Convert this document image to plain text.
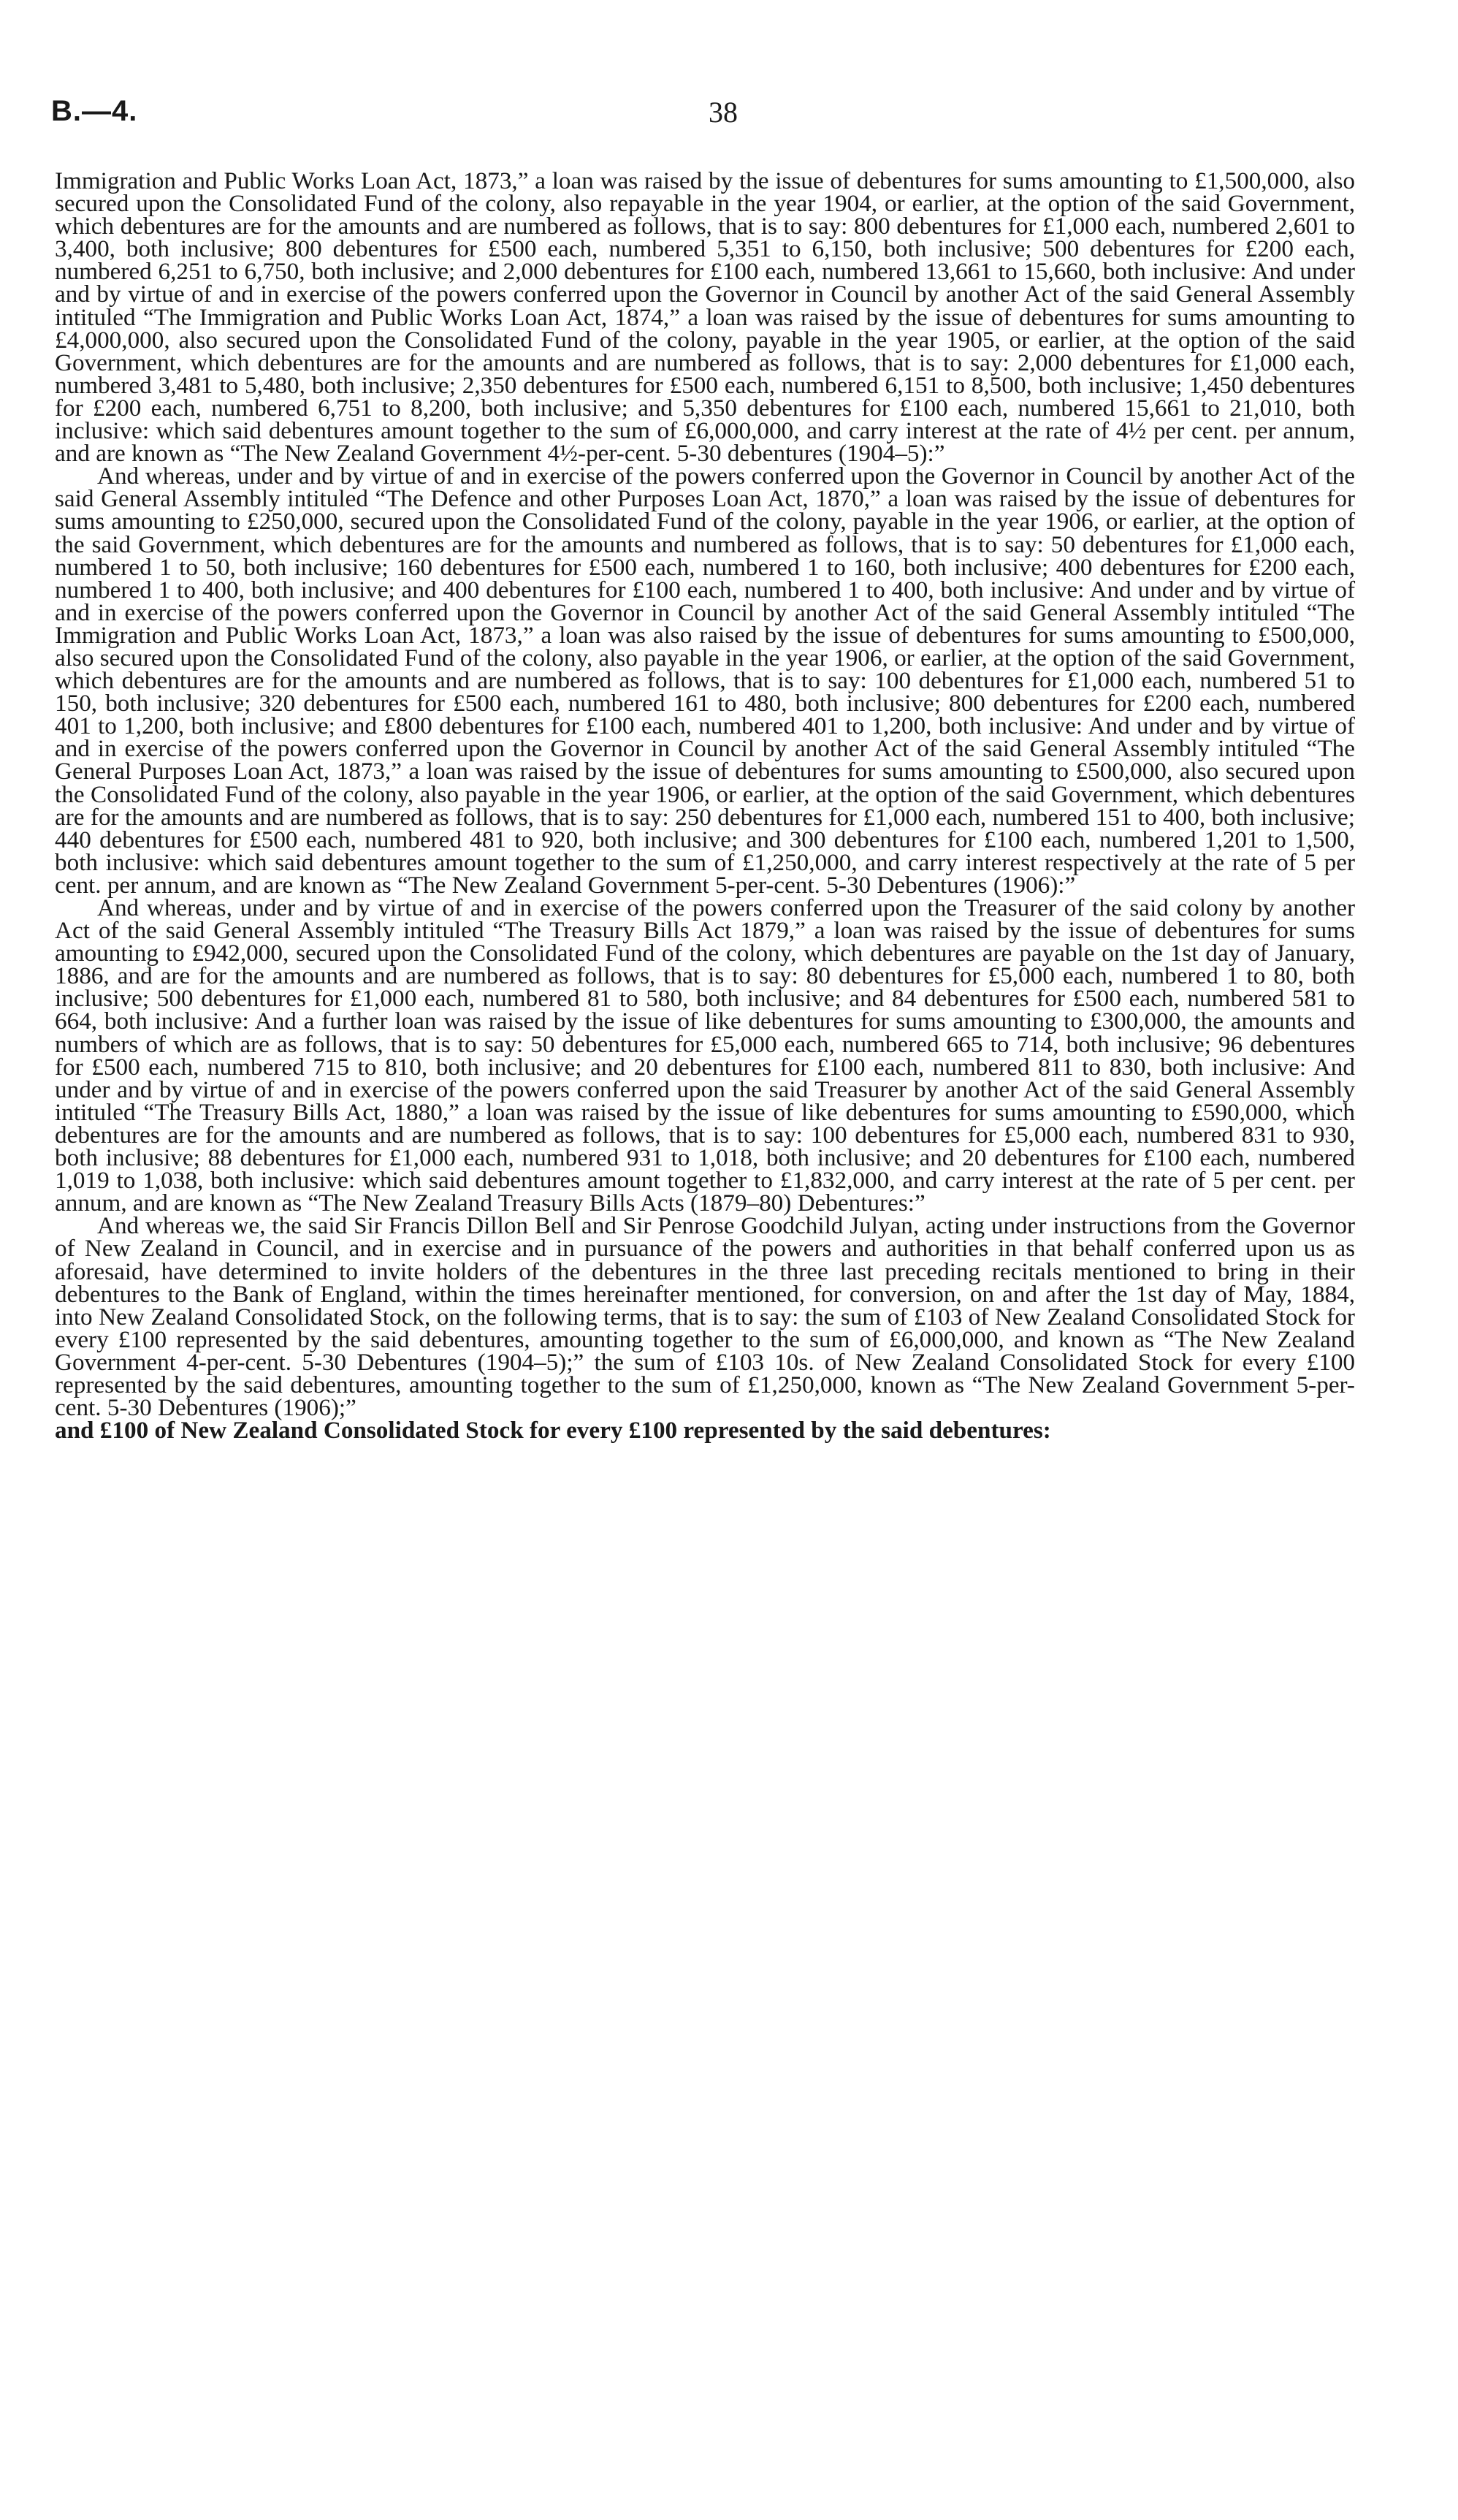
B.—4.	38

Immigration and Public Works Loan Act, 1873,” a loan was raised by the issue of debentures for sums amounting to £1,500,000, also secured upon the Consolidated Fund of the colony, also repayable in the year 1904, or earlier, at the option of the said Government, which debentures are for the amounts and are numbered as follows, that is to say: 800 debentures for £1,000 each, numbered 2,601 to 3,400, both inclusive; 800 debentures for £500 each, numbered 5,351 to 6,150, both inclusive; 500 debentures for £200 each, numbered 6,251 to 6,750, both inclusive; and 2,000 debentures for £100 each, numbered 13,661 to 15,660, both inclusive: And under and by virtue of and in exercise of the powers conferred upon the Governor in Council by another Act of the said General Assembly intituled “The Immigration and Public Works Loan Act, 1874,” a loan was raised by the issue of debentures for sums amounting to £4,000,000, also secured upon the Consolidated Fund of the colony, payable in the year 1905, or earlier, at the option of the said Government, which debentures are for the amounts and are numbered as follows, that is to say: 2,000 debentures for £1,000 each, numbered 3,481 to 5,480, both inclusive; 2,350 debentures for £500 each, numbered 6,151 to 8,500, both inclusive; 1,450 debentures for £200 each, numbered 6,751 to 8,200, both inclusive; and 5,350 debentures for £100 each, numbered 15,661 to 21,010, both inclusive: which said debentures amount together to the sum of £6,000,000, and carry interest at the rate of 4½ per cent. per annum, and are known as “The New Zealand Government 4½-per-cent. 5-30 debentures (1904–5):”

And whereas, under and by virtue of and in exercise of the powers conferred upon the Governor in Council by another Act of the said General Assembly intituled “The Defence and other Purposes Loan Act, 1870,” a loan was raised by the issue of debentures for sums amounting to £250,000, secured upon the Consolidated Fund of the colony, payable in the year 1906, or earlier, at the option of the said Government, which debentures are for the amounts and numbered as follows, that is to say: 50 debentures for £1,000 each, numbered 1 to 50, both inclusive; 160 debentures for £500 each, numbered 1 to 160, both inclusive; 400 debentures for £200 each, numbered 1 to 400, both inclusive; and 400 debentures for £100 each, numbered 1 to 400, both inclusive: And under and by virtue of and in exercise of the powers conferred upon the Governor in Council by another Act of the said General Assembly intituled “The Immigration and Public Works Loan Act, 1873,” a loan was also raised by the issue of debentures for sums amounting to £500,000, also secured upon the Consolidated Fund of the colony, also payable in the year 1906, or earlier, at the option of the said Government, which debentures are for the amounts and are numbered as follows, that is to say: 100 debentures for £1,000 each, numbered 51 to 150, both inclusive; 320 debentures for £500 each, numbered 161 to 480, both inclusive; 800 debentures for £200 each, numbered 401 to 1,200, both inclusive; and £800 debentures for £100 each, numbered 401 to 1,200, both inclusive: And under and by virtue of and in exercise of the powers conferred upon the Governor in Council by another Act of the said General Assembly intituled “The General Purposes Loan Act, 1873,” a loan was raised by the issue of debentures for sums amounting to £500,000, also secured upon the Consolidated Fund of the colony, also payable in the year 1906, or earlier, at the option of the said Government, which debentures are for the amounts and are numbered as follows, that is to say: 250 debentures for £1,000 each, numbered 151 to 400, both inclusive; 440 debentures for £500 each, numbered 481 to 920, both inclusive; and 300 debentures for £100 each, numbered 1,201 to 1,500, both inclusive: which said debentures amount together to the sum of £1,250,000, and carry interest respectively at the rate of 5 per cent. per annum, and are known as “The New Zealand Government 5-per-cent. 5-30 Debentures (1906):”

And whereas, under and by virtue of and in exercise of the powers conferred upon the Treasurer of the said colony by another Act of the said General Assembly intituled “The Treasury Bills Act 1879,” a loan was raised by the issue of debentures for sums amounting to £942,000, secured upon the Consolidated Fund of the colony, which debentures are payable on the 1st day of January, 1886, and are for the amounts and are numbered as follows, that is to say: 80 debentures for £5,000 each, numbered 1 to 80, both inclusive; 500 debentures for £1,000 each, numbered 81 to 580, both inclusive; and 84 debentures for £500 each, numbered 581 to 664, both inclusive: And a further loan was raised by the issue of like debentures for sums amounting to £300,000, the amounts and numbers of which are as follows, that is to say: 50 debentures for £5,000 each, numbered 665 to 714, both inclusive; 96 debentures for £500 each, numbered 715 to 810, both inclusive; and 20 debentures for £100 each, numbered 811 to 830, both inclusive: And under and by virtue of and in exercise of the powers conferred upon the said Treasurer by another Act of the said General Assembly intituled “The Treasury Bills Act, 1880,” a loan was raised by the issue of like debentures for sums amounting to £590,000, which debentures are for the amounts and are numbered as follows, that is to say: 100 debentures for £5,000 each, numbered 831 to 930, both inclusive; 88 debentures for £1,000 each, numbered 931 to 1,018, both inclusive; and 20 debentures for £100 each, numbered 1,019 to 1,038, both inclusive: which said debentures amount together to £1,832,000, and carry interest at the rate of 5 per cent. per annum, and are known as “The New Zealand Treasury Bills Acts (1879–80) Debentures:”

And whereas we, the said Sir Francis Dillon Bell and Sir Penrose Goodchild Julyan, acting under instructions from the Governor of New Zealand in Council, and in exercise and in pursuance of the powers and authorities in that behalf conferred upon us as aforesaid, have determined to invite holders of the debentures in the three last preceding recitals mentioned to bring in their debentures to the Bank of England, within the times hereinafter mentioned, for conversion, on and after the 1st day of May, 1884, into New Zealand Consolidated Stock, on the following terms, that is to say: the sum of £103 of New Zealand Consolidated Stock for every £100 represented by the said debentures, amounting together to the sum of £6,000,000, and known as “The New Zealand Government 4-per-cent. 5-30 Debentures (1904–5);” the sum of £103 10s. of New Zealand Consolidated Stock for every £100 represented by the said debentures, amounting together to the sum of £1,250,000, known as “The New Zealand Government 5-per-cent. 5-30 Debentures (1906);”

and £100 of New Zealand Consolidated Stock for every £100 represented by the said debentures:
